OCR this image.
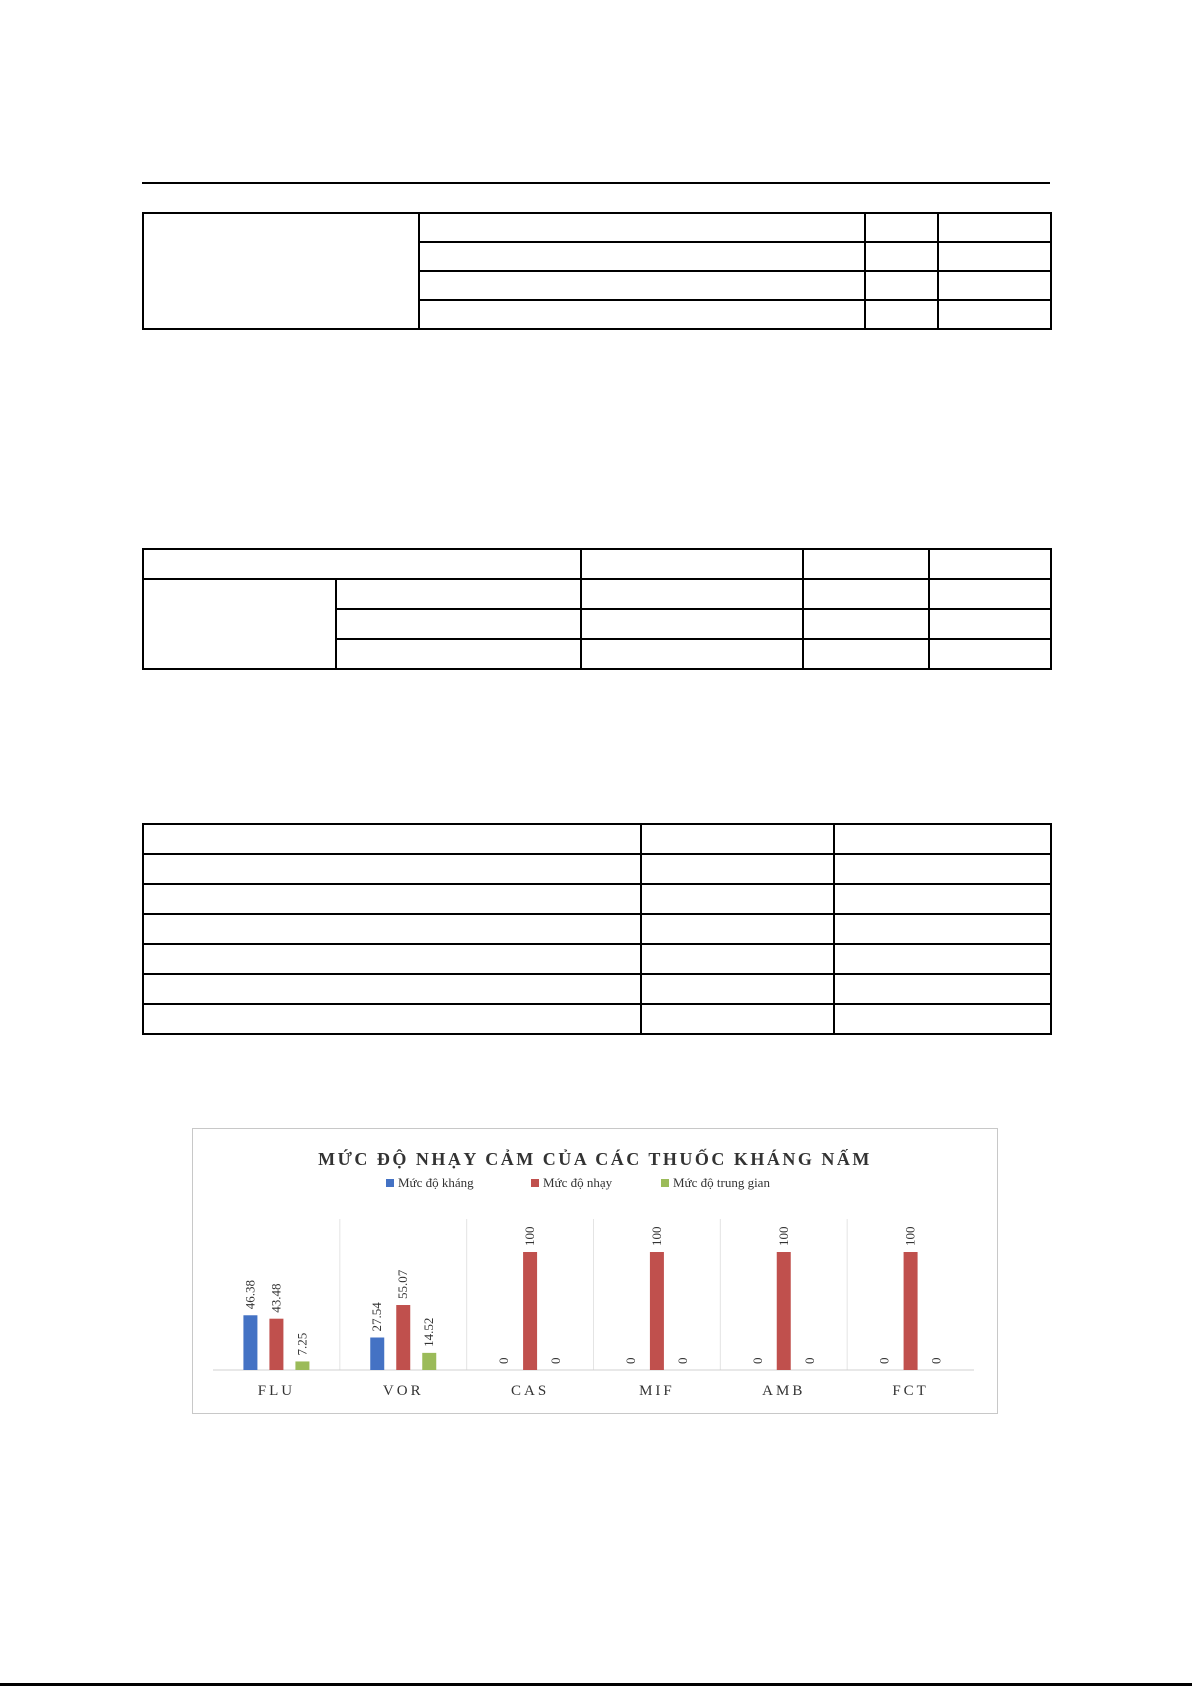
MỨC ĐỘ NHẠY CẢM CỦA CÁC THUỐC KHÁNG NẤM
Mức độ kháng	Mức độ nhạy	Mức độ trung gian
46.38 43.48
7.25
FLU
27.54
55.07
14.52
VOR
0
100
0
CAS
0
100
0
MIF
0
100
0
AMB
0
100
0
FCT
